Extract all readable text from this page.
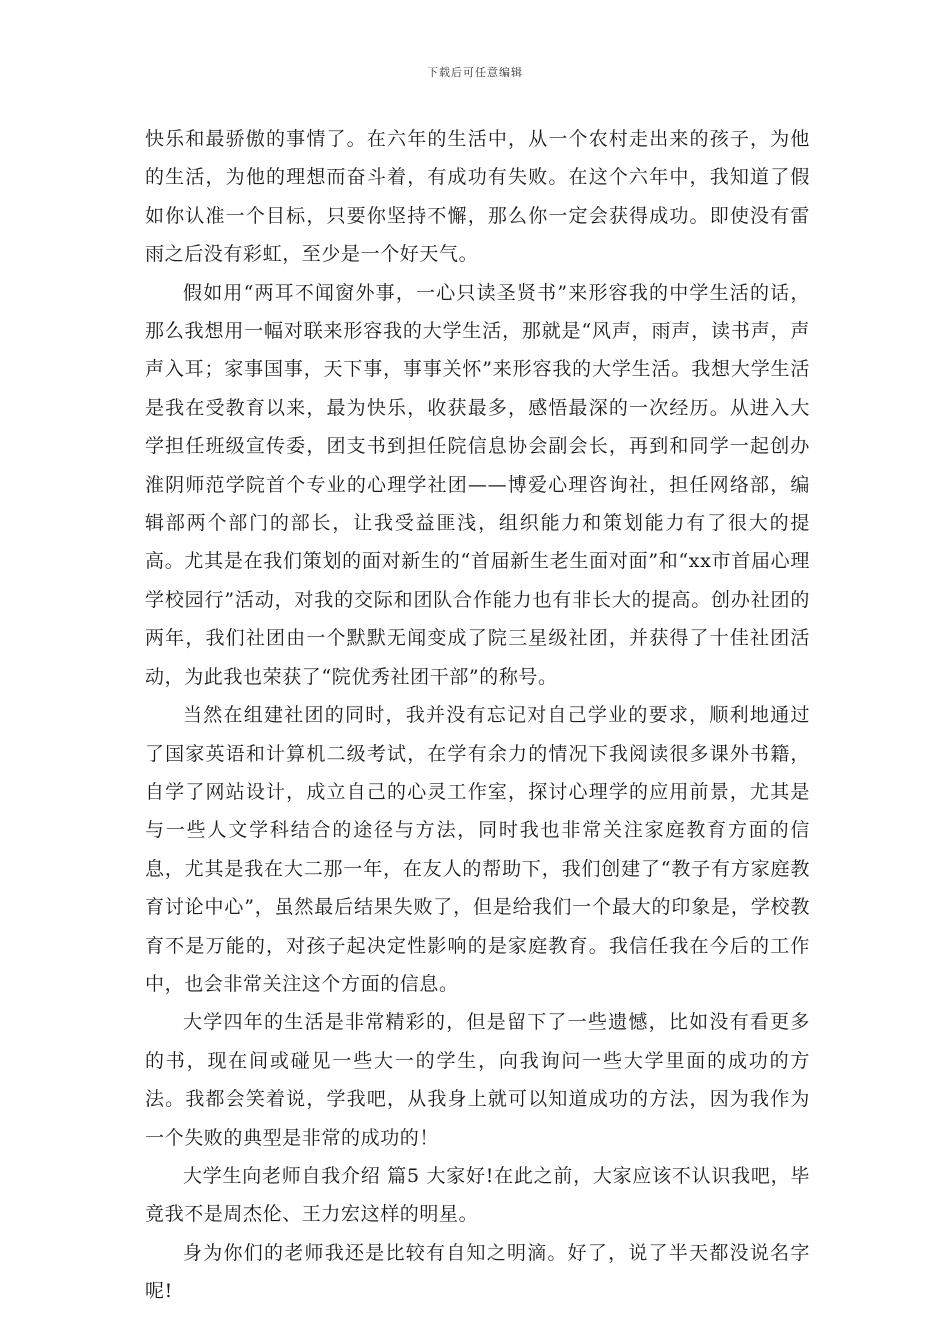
下载后可任意编辑

快乐和最骄傲的事情了。在六年的生活中，从一个农村走出来的孩子，为他的生活，为他的理想而奋斗着，有成功有失败。在这个六年中，我知道了假如你认准一个目标，只要你坚持不懈，那么你一定会获得成功。即使没有雷雨之后没有彩虹，至少是一个好天气。

假如用“两耳不闻窗外事，一心只读圣贤书”来形容我的中学生活的话，那么我想用一幅对联来形容我的大学生活，那就是“风声，雨声，读书声，声声入耳；家事国事，天下事，事事关怀”来形容我的大学生活。我想大学生活是我在受教育以来，最为快乐，收获最多，感悟最深的一次经历。从进入大学担任班级宣传委，团支书到担任院信息协会副会长，再到和同学一起创办淮阴师范学院首个专业的心理学社团——博爱心理咨询社，担任网络部，编辑部两个部门的部长，让我受益匪浅，组织能力和策划能力有了很大的提高。尤其是在我们策划的面对新生的“首届新生老生面对面”和“xx市首届心理学校园行”活动，对我的交际和团队合作能力也有非长大的提高。创办社团的两年，我们社团由一个默默无闻变成了院三星级社团，并获得了十佳社团活动，为此我也荣获了“院优秀社团干部”的称号。

当然在组建社团的同时，我并没有忘记对自己学业的要求，顺利地通过了国家英语和计算机二级考试，在学有余力的情况下我阅读很多课外书籍，自学了网站设计，成立自己的心灵工作室，探讨心理学的应用前景，尤其是与一些人文学科结合的途径与方法，同时我也非常关注家庭教育方面的信息，尤其是我在大二那一年，在友人的帮助下，我们创建了“教子有方家庭教育讨论中心”，虽然最后结果失败了，但是给我们一个最大的印象是，学校教育不是万能的，对孩子起决定性影响的是家庭教育。我信任我在今后的工作中，也会非常关注这个方面的信息。

大学四年的生活是非常精彩的，但是留下了一些遗憾，比如没有看更多的书，现在间或碰见一些大一的学生，向我询问一些大学里面的成功的方法。我都会笑着说，学我吧，从我身上就可以知道成功的方法，因为我作为一个失败的典型是非常的成功的！

大学生向老师自我介绍 篇5 大家好!在此之前，大家应该不认识我吧，毕竟我不是周杰伦、王力宏这样的明星。

身为你们的老师我还是比较有自知之明滴。好了，说了半天都没说名字呢!
